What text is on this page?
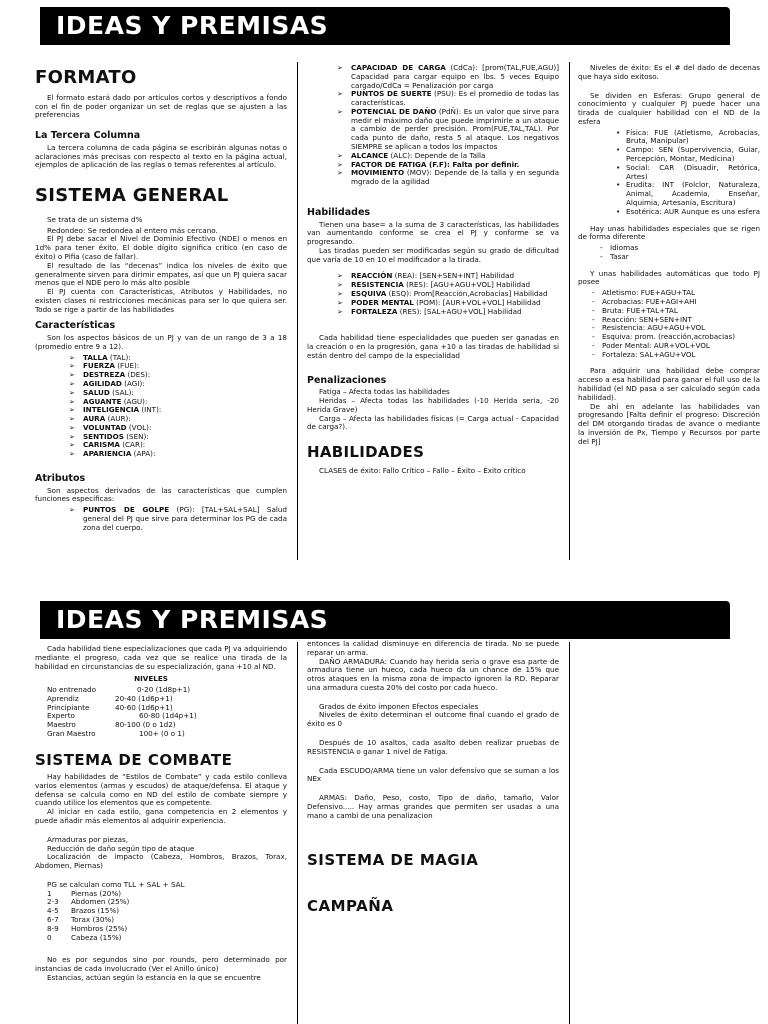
IDEAS Y PREMISAS
FORMATO

El formato estará dado por artículos cortos y descriptivos a fondo con el fin de poder organizar un set de reglas que se ajusten a las preferencias

La Tercera Columna

La tercera columna de cada página se escribirán algunas notas o aclaraciones más precisas con respecto al texto en la página actual, ejemplos de aplicación de las reglas o temas referentes al artículo.

SISTEMA GENERAL

Se trata de un sistema d%

Redondeo: Se redondea al entero más cercano.

El PJ debe sacar el Nivel de Dominio Efectivo (NDE) o menos en 1d% para tener éxito. El doble dígito significa crítico (en caso de éxito) o Pifia (caso de fallar).

El resultado de las “decenas” indica los niveles de éxito que generalmente sirven para dirimir empates, así que un PJ quiera sacar menos que el NDE pero lo más alto posible

El PJ cuenta con Características, Atributos y Habilidades, no existen clases ni restricciones mecánicas para ser lo que quiera ser. Todo se rige a partir de las habilidades

Características

Son los aspectos básicos de un PJ y van de un rango de 3 a 18 (promedio entre 9 a 12).

➢ TALLA (TAL):
➢ FUERZA (FUE):
➢ DESTREZA (DES):
➢ AGILIDAD (AGI):
➢ SALUD (SAL):
➢ AGUANTE (AGU):
➢ INTELIGENCIA (INT):
➢ AURA (AUR):
➢ VOLUNTAD (VOL):
➢ SENTIDOS (SEN):
➢ CARISMA (CAR):
➢ APARIENCIA (APA):
Atributos

Son aspectos derivados de las características que cumplen funciones específicas:

➢ PUNTOS DE GOLPE (PG): [TAL+SAL+SAL] Salud general del PJ que sirve para determinar los PG de cada zona del cuerpo.
➢ CAPACIDAD DE CARGA (CdCa): [prom(TAL,FUE,AGU)] Capacidad para cargar equipo en lbs. 5 veces Equipo cargado/CdCa = Penalización por carga
➢ PUNTOS DE SUERTE (PSU): Es el promedio de todas las características.
➢ POTENCIAL DE DAÑO (PdÑ): Es un valor que sirve para medir el máximo daño que puede imprimirle a un ataque a cambio de perder precisión. Prom(FUE,TAL,TAL). Por cada punto de daño, resta 5 al ataque. Los negativos SIEMPRE se aplican a todos los impactos
➢ ALCANCE (ALC): Depende de la Talla
➢ FACTOR DE FATIGA (F.F): Falta por definir.
➢ MOVIMIENTO (MOV): Depende de la talla y en segunda mgrado de la agilidad
Habilidades

Tienen una base= a la suma de 3 características, las habilidades van aumentando conforme se crea el PJ y conforme se va progresando.

Las tiradas pueden ser modificadas según su grado de dificultad que varía de 10 en 10 el modificador a la tirada.

➢ REACCIÓN (REA): [SEN+SEN+INT] Habilidad
➢ RESISTENCIA (RES): [AGU+AGU+VOL] Habilidad
➢ ESQUIVA (ESQ): Prom[Reacción,Acrobacias] Habilidad
➢ PODER MENTAL (POM): [AUR+VOL+VOL] Habilidad
➢ FORTALEZA (RES): [SAL+AGU+VOL] Habilidad

Cada habilidad tiene especialidades que pueden ser ganadas en la creación o en la progresión, gana +10 a las tiradas de habilidad si están dentro del campo de la especialidad

Penalizaciones

Fatiga – Afecta todas las habilidades

Heridas – Afecta todas las habilidades (-10 Herida seria, -20 Herida Grave)

Carga – Afecta las habilidades físicas (= Carga actual - Capacidad de carga?).

HABILIDADES

CLASES de éxito: Fallo Crítico – Fallo – Éxito – Éxito crítico

Niveles de éxito: Es el # del dado de decenas que haya sido exitoso.

Se dividen en Esferas: Grupo general de conocimiento y cualquier PJ puede hacer una tirada de cualquier habilidad con el ND de la esfera

• Física: FUE (Atletismo, Acrobacias, Bruta, Manipular)
• Campo: SEN (Supervivencia, Guiar, Percepción, Montar, Medicina)
• Social: CAR (Disuadir, Retórica, Artes)
• Erudita: INT (Folclor, Naturaleza, Animal, Academia, Enseñar, Alquimia, Artesanía, Escritura)
• Esotérica: AUR Aunque es una esfera

Hay unas habilidades especiales que se rigen de forma diferente

- Idiomas
- Tasar

Y unas habilidades automáticas que todo PJ posee

- Atletismo: FUE+AGU+TAL
- Acrobacias: FUE+AGI+AHI
- Bruta: FUE+TAL+TAL
- Reacción: SEN+SEN+INT
- Resistencia: AGU+AGU+VOL
- Esquiva: prom. (reacción,acrobacias)
- Poder Mental: AUR+VOL+VOL
- Fortaleza: SAL+AGU+VOL

Para adquirir una habilidad debe comprar acceso a esa habilidad para ganar el full uso de la habilidad (el ND pasa a ser calculado según cada habilidad).

De ahí en adelante las habilidades van progresando [Falta definir el progreso: Discreción del DM otorgando tiradas de avance o mediante la inversión de Px, Tiempo y Recursos por parte del PJ]

IDEAS Y PREMISAS

Cada habilidad tiene especializaciones que cada PJ va adquiriendo mediante el progreso, cada vez que se realice una tirada de la habilidad en circunstancias de su especialización, gana +10 al ND.

NIVELES
No entrenado	0-20 (1d8p+1)
Aprendiz	20-40 (1d6p+1)
Principiante	40-60 (1d6p+1)
Experto	60-80 (1d4p+1)
Maestro	80-100 (0 o 1d2)
Gran Maestro	100+ (0 o 1)
SISTEMA DE COMBATE

Hay habilidades de “Estilos de Combate” y cada estilo conlleva varios elementos (armas y escudos) de ataque/defensa. El ataque y defensa se calcula como en ND del estilo de combate siempre y cuando utilice los elementos que es competente.

Al iniciar en cada estilo, gana competencia en 2 elementos y puede añadir más elementos al adquirir experiencia.

Armaduras por piezas,

Reducción de daño según tipo de ataque

Localización de impacto (Cabeza, Hombros, Brazos, Torax, Abdomen, Piernas)

PG se calculan como TLL + SAL + SAL

1	Piernas (20%)
2-3	Abdomen (25%)
4-5	Brazos (15%)
6-7	Torax (30%)
8-9	Hombros (25%)
0	Cabeza (15%)

No es por segundos sino por rounds, pero determinado por instancias de cada involucrado (Ver el Anillo único)

Estancias, actúan según la estancia en la que se encuentre

entonces la calidad disminuye en diferencia de tirada. No se puede reparar un arma.

DAÑO ARMADURA: Cuando hay herida seria o grave esa parte de armadura tiene un hueco, cada hueco da un chance de 15% que otros ataques en la misma zona de impacto ignoren la RD. Reparar una armadura cuesta 20% del costo por cada hueco.

Grados de éxito imponen Efectos especiales

Niveles de éxito determinan el outcome final cuando el grado de éxito es 0

Después de 10 asaltos, cada asalto deben realizar pruebas de RESISTENCIA o ganar 1 nivel de Fatiga.

Cada ESCUDO/ARMA tiene un valor defensivo que se suman a los NEx

ARMAS: Daño, Peso, costo, Tipo de daño, tamaño, Valor Defensivo..... Hay armas grandes que permiten ser usadas a una mano a cambi de una penalizacion

SISTEMA DE MAGIA
CAMPAÑA
